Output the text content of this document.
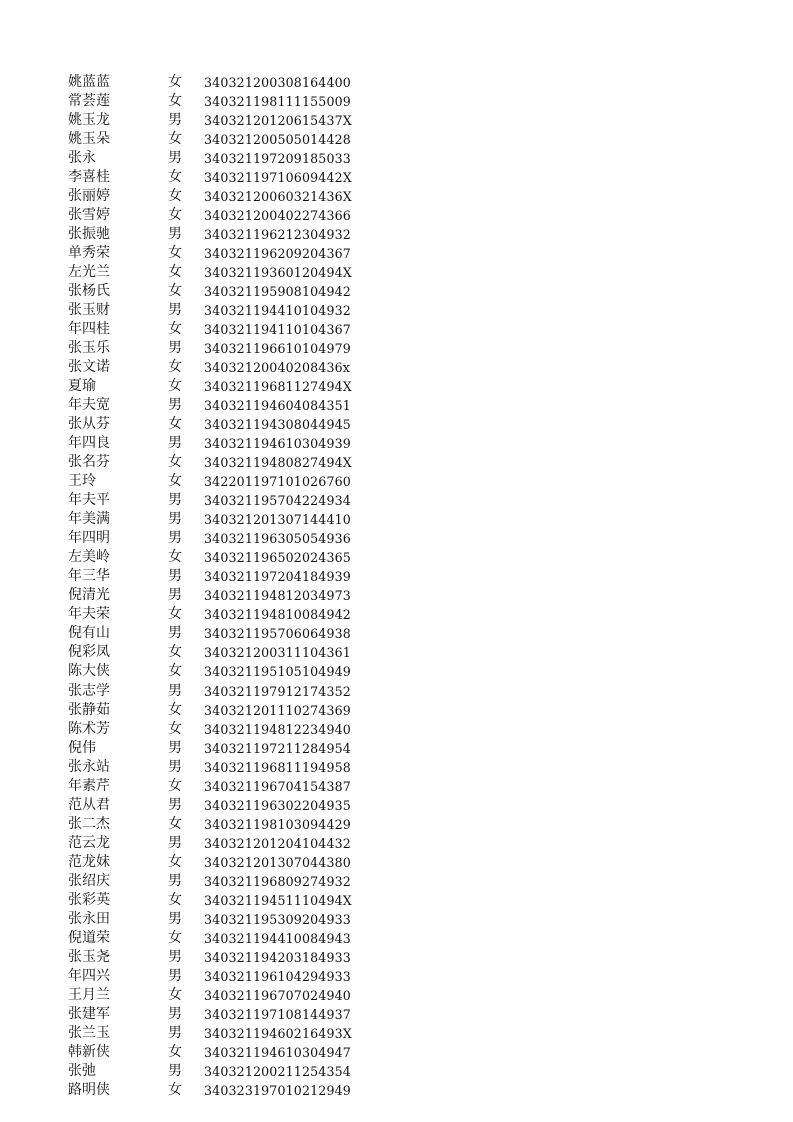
姚蓝蓝	女	340321200308164400
常荟莲	女	340321198111155009
姚玉龙	男	34032120120615437X
姚玉朵	女	340321200505014428
张永	男	340321197209185033
李喜桂	女	34032119710609442X
张丽婷	女	34032120060321436X
张雪婷	女	340321200402274366
张振驰	男	340321196212304932
单秀荣	女	340321196209204367
左光兰	女	34032119360120494X
张杨氏	女	340321195908104942
张玉财	男	340321194410104932
年四桂	女	340321194110104367
张玉乐	男	340321196610104979
张文诺	女	34032120040208436x
夏瑜	女	34032119681127494X
年夫宽	男	340321194604084351
张从芬	女	340321194308044945
年四良	男	340321194610304939
张名芬	女	34032119480827494X
王玲	女	342201197101026760
年夫平	男	340321195704224934
年美满	男	340321201307144410
年四明	男	340321196305054936
左美岭	女	340321196502024365
年三华	男	340321197204184939
倪清光	男	340321194812034973
年夫荣	女	340321194810084942
倪有山	男	340321195706064938
倪彩凤	女	340321200311104361
陈大侠	女	340321195105104949
张志学	男	340321197912174352
张静茹	女	340321201110274369
陈术芳	女	340321194812234940
倪伟	男	340321197211284954
张永站	男	340321196811194958
年素芹	女	340321196704154387
范从君	男	340321196302204935
张二杰	女	340321198103094429
范云龙	男	340321201204104432
范龙妹	女	340321201307044380
张绍庆	男	340321196809274932
张彩英	女	34032119451110494X
张永田	男	340321195309204933
倪道荣	女	340321194410084943
张玉尧	男	340321194203184933
年四兴	男	340321196104294933
王月兰	女	340321196707024940
张建军	男	340321197108144937
张兰玉	男	34032119460216493X
韩新侠	女	340321194610304947
张弛	男	340321200211254354
路明侠	女	340323197010212949
